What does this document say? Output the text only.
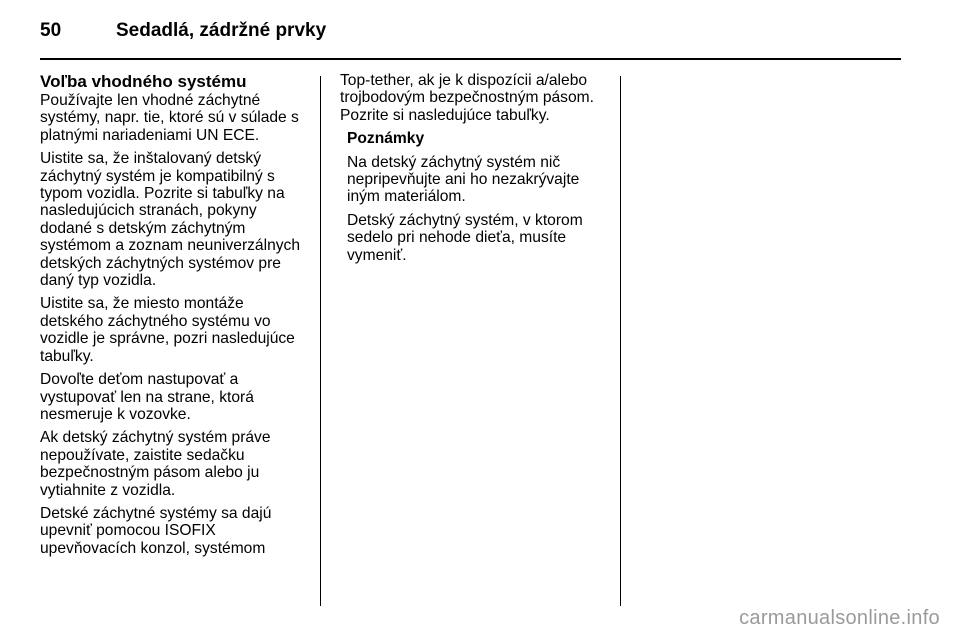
50	Sedadlá, zádržné prvky
Voľba vhodného systému

Používajte len vhodné záchytné systémy, napr. tie, ktoré sú v súlade s platnými nariadeniami UN ECE.

Uistite sa, že inštalovaný detský záchytný systém je kompatibilný s typom vozidla. Pozrite si tabuľky na nasledujúcich stranách, pokyny dodané s detským záchytným systémom a zoznam neuniverzálnych detských záchytných systémov pre daný typ vozidla.

Uistite sa, že miesto montáže detského záchytného systému vo vozidle je správne, pozri nasledujúce tabuľky.

Dovoľte deťom nastupovať a vystupovať len na strane, ktorá nesmeruje k vozovke.

Ak detský záchytný systém práve nepoužívate, zaistite sedačku bezpečnostným pásom alebo ju vytiahnite z vozidla.

Detské záchytné systémy sa dajú upevniť pomocou ISOFIX upevňovacích konzol, systémom

Top-tether, ak je k dispozícii a/alebo trojbodovým bezpečnostným pásom. Pozrite si nasledujúce tabuľky.

Poznámky

Na detský záchytný systém nič nepripevňujte ani ho nezakrývajte iným materiálom.

Detský záchytný systém, v ktorom sedelo pri nehode dieťa, musíte vymeniť.

carmanualsonline.info
